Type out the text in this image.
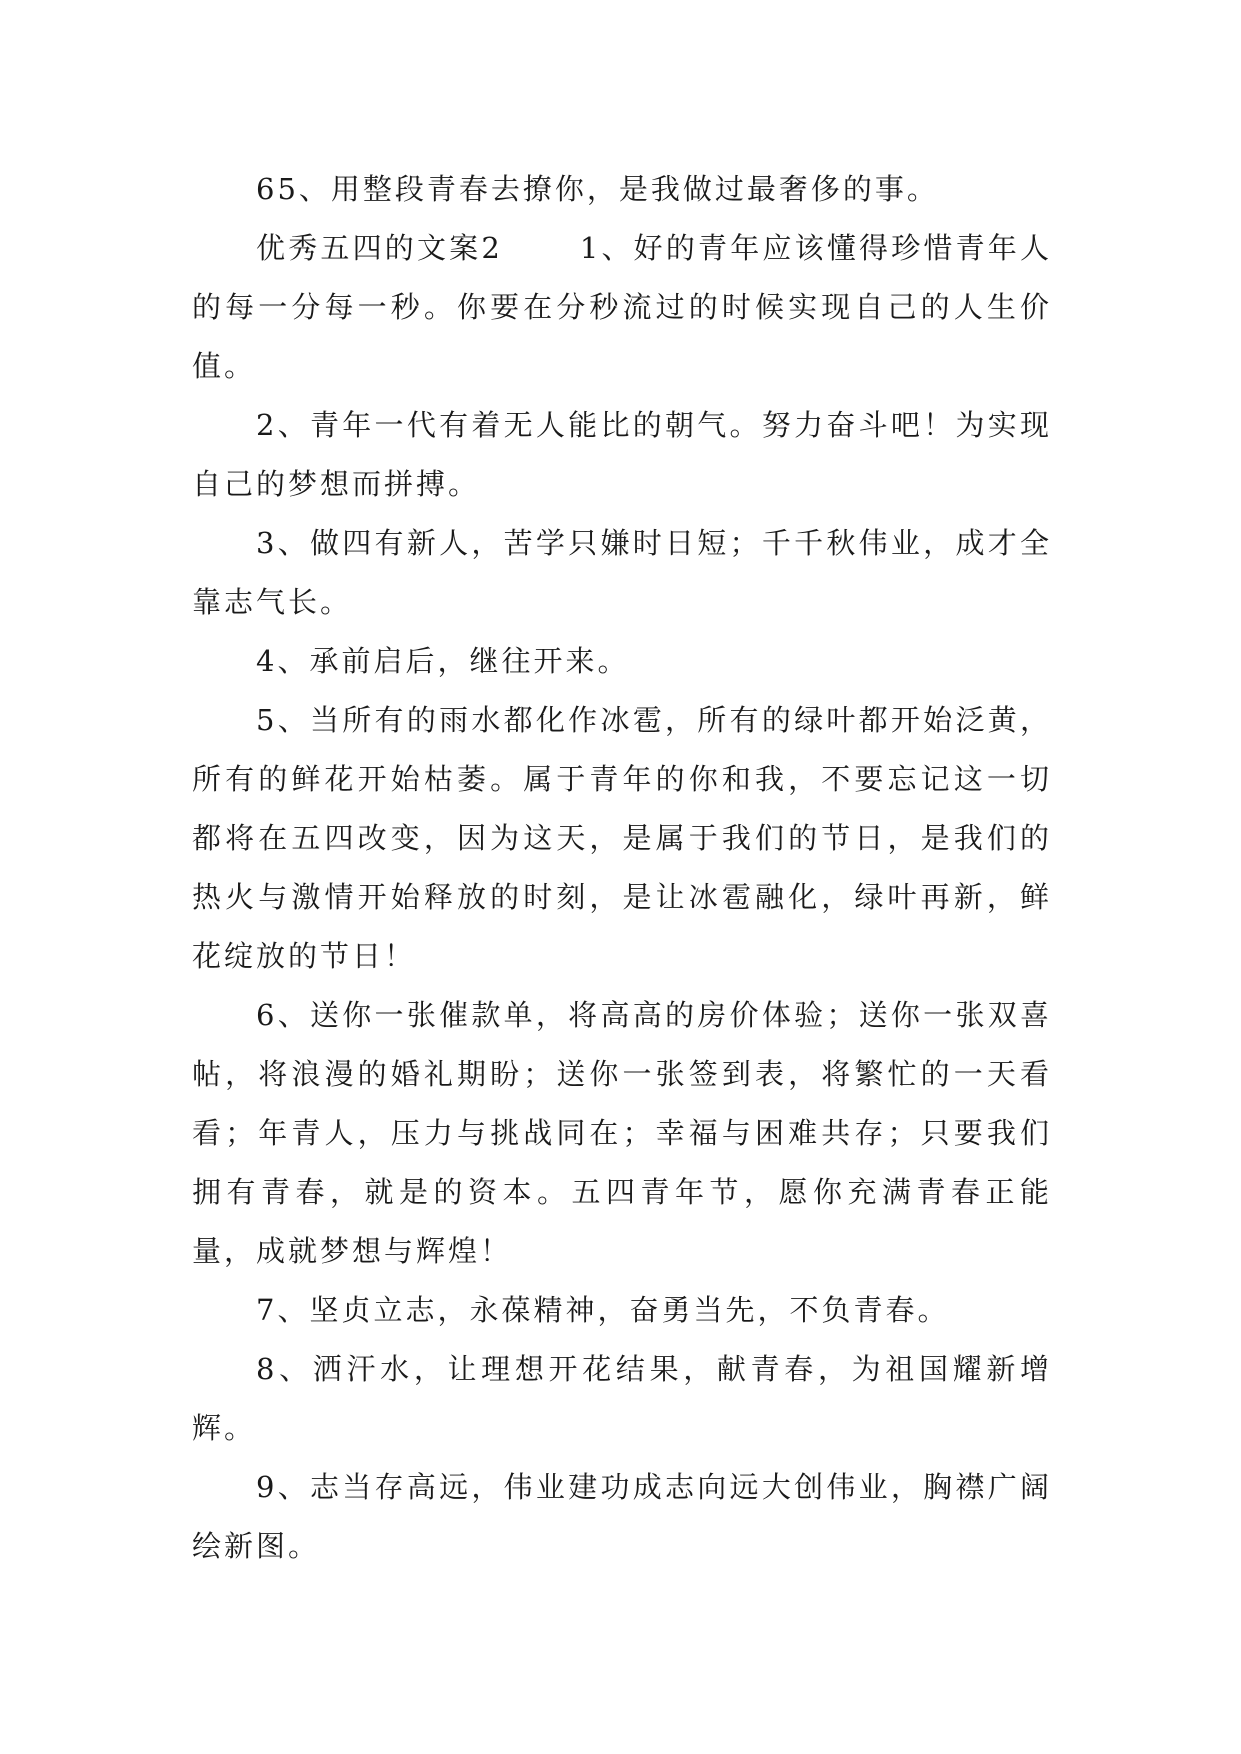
65、用整段青春去撩你，是我做过最奢侈的事。

优秀五四的文案2　　 1、好的青年应该懂得珍惜青年人的每一分每一秒。你要在分秒流过的时候实现自己的人生价值。

2、青年一代有着无人能比的朝气。努力奋斗吧！为实现自己的梦想而拼搏。

3、做四有新人，苦学只嫌时日短；千千秋伟业，成才全靠志气长。

4、承前启后，继往开来。

5、当所有的雨水都化作冰雹，所有的绿叶都开始泛黄，所有的鲜花开始枯萎。属于青年的你和我，不要忘记这一切都将在五四改变，因为这天，是属于我们的节日，是我们的热火与激情开始释放的时刻，是让冰雹融化，绿叶再新，鲜花绽放的节日！

6、送你一张催款单，将高高的房价体验；送你一张双喜帖，将浪漫的婚礼期盼；送你一张签到表，将繁忙的一天看看；年青人，压力与挑战同在；幸福与困难共存；只要我们拥有青春，就是的资本。五四青年节，愿你充满青春正能量，成就梦想与辉煌！

7、坚贞立志，永葆精神，奋勇当先，不负青春。

8、洒汗水，让理想开花结果，献青春，为祖国耀新增辉。

9、志当存高远，伟业建功成志向远大创伟业，胸襟广阔绘新图。
